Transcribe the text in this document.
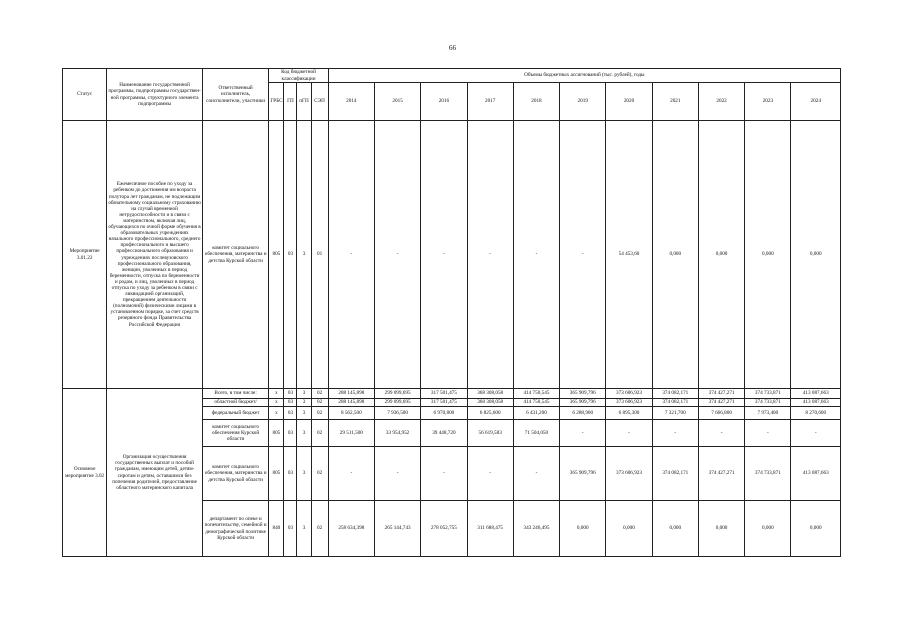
66
Статус	Наименование государственной программы, подпрограммы государствен-ной программы, структурного элемента подпрограммы	Ответственный исполнитель, соисполнители, участники	Код бюджетной классификации				Объемы бюджетных ассигнований (тыс. рублей), годы										
			ГРБС	ГП	пГП	СЭП	2014	2015	2016	2017	2018	2019	2020	2021	2022	2023	2024
Мероприятие 3.01.22	Ежемесячное пособие по уходу за ребенком до достижения им возраста полутора лет гражданам, не подлежащим обязательному социальному страхованию на случай временной нетрудоспособности и в связи с материнством, включая лиц, обучающихся по очной форме обучения в образовательных учреждениях начального профессионального, среднего профессионального и высшего профессионального образования и учреждениях послевузовского профессионального образования, женщин, уволенных в период беременности, отпуска по беременности и родам, и лиц, уволенных в период отпуска по уходу за ребенком в связи с ликвидацией организаций, прекращением деятельности (полномочий) физическими лицами в установленном порядке, за счет средств резервного фонда Правительства Российской Федерации	комитет социального обеспечения, материнства и детства Курской области	805	03	3	01	-	-	-	-	-	-	54 453,60	0,000	0,000	0,000	0,000
Основное мероприятие 3.02	Организация осуществления государственных выплат и пособий гражданам, имеющим детей, детям-сиротам и детям, оставшимся без попечения родителей, предоставление областного материнского капитала	Всего, в том числе:	х	03	3	02	288 145,898	299 099,695	317 501,475	368 308,058	414 750,545	365 909,796	373 606,923	374 082,171	374 427,271	374 733,871	413 087,663
		областной бюджет/	х	03	3	02	288 145,898	299 099,695	317 501,475	368 308,058	414 750,545	365 909,796	373 606,923	374 082,171	374 427,271	374 733,871	413 087,663
		федеральный бюджет	х	03	3	02	8 562,500	7 936,500	6 970,800	6 825,600	6 431,200	6 288,900	6 895,300	7 321,700	7 666,800	7 973,400	8 270,600
		комитет социального обеспечения Курской области	805	03	3	02	29 511,500	33 954,952	39 448,720	56 619,583	71 504,050	-	-	-	-	-	-
		комитет социального обеспечения, материнства и детства Курской области	805	03	3	02	-	-	-	-	-	365 909,796	373 606,923	374 082,171	374 427,271	374 733,871	413 087,663
		департамент по опеке и попечительству, семейной и демографической политике Курской области	840	03	3	02	258 634,398	265 144,743	278 052,755	311 688,475	343 246,495	0,000	0,000	0,000	0,000	0,000	0,000
